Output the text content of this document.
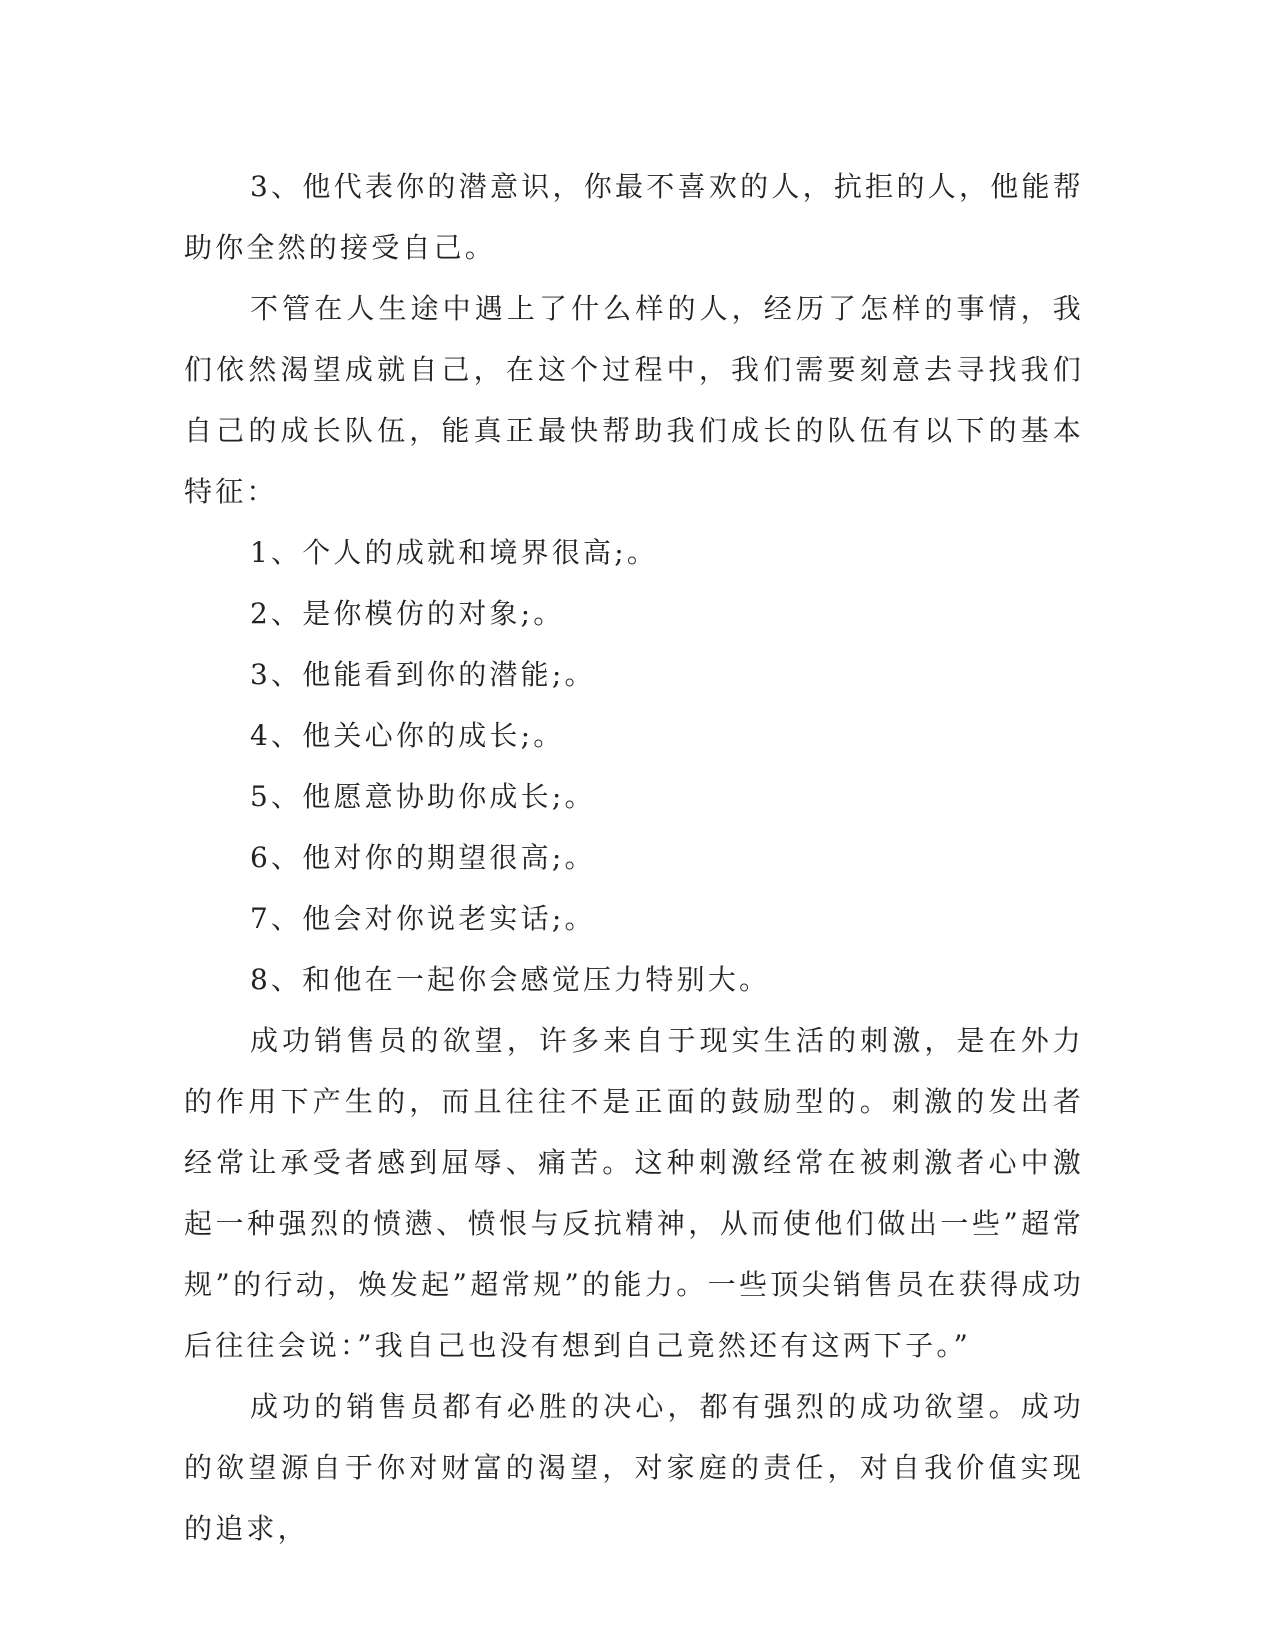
3、他代表你的潜意识，你最不喜欢的人，抗拒的人，他能帮助你全然的接受自己。

不管在人生途中遇上了什么样的人，经历了怎样的事情，我们依然渴望成就自己，在这个过程中，我们需要刻意去寻找我们自己的成长队伍，能真正最快帮助我们成长的队伍有以下的基本特征：

1、个人的成就和境界很高;。

2、是你模仿的对象;。

3、他能看到你的潜能;。

4、他关心你的成长;。

5、他愿意协助你成长;。

6、他对你的期望很高;。

7、他会对你说老实话;。

8、和他在一起你会感觉压力特别大。

成功销售员的欲望，许多来自于现实生活的刺激，是在外力的作用下产生的，而且往往不是正面的鼓励型的。刺激的发出者经常让承受者感到屈辱、痛苦。这种刺激经常在被刺激者心中激起一种强烈的愤懑、愤恨与反抗精神，从而使他们做出一些”超常规”的行动，焕发起”超常规”的能力。一些顶尖销售员在获得成功后往往会说：”我自己也没有想到自己竟然还有这两下子。”

成功的销售员都有必胜的决心，都有强烈的成功欲望。成功的欲望源自于你对财富的渴望，对家庭的责任，对自我价值实现的追求，
